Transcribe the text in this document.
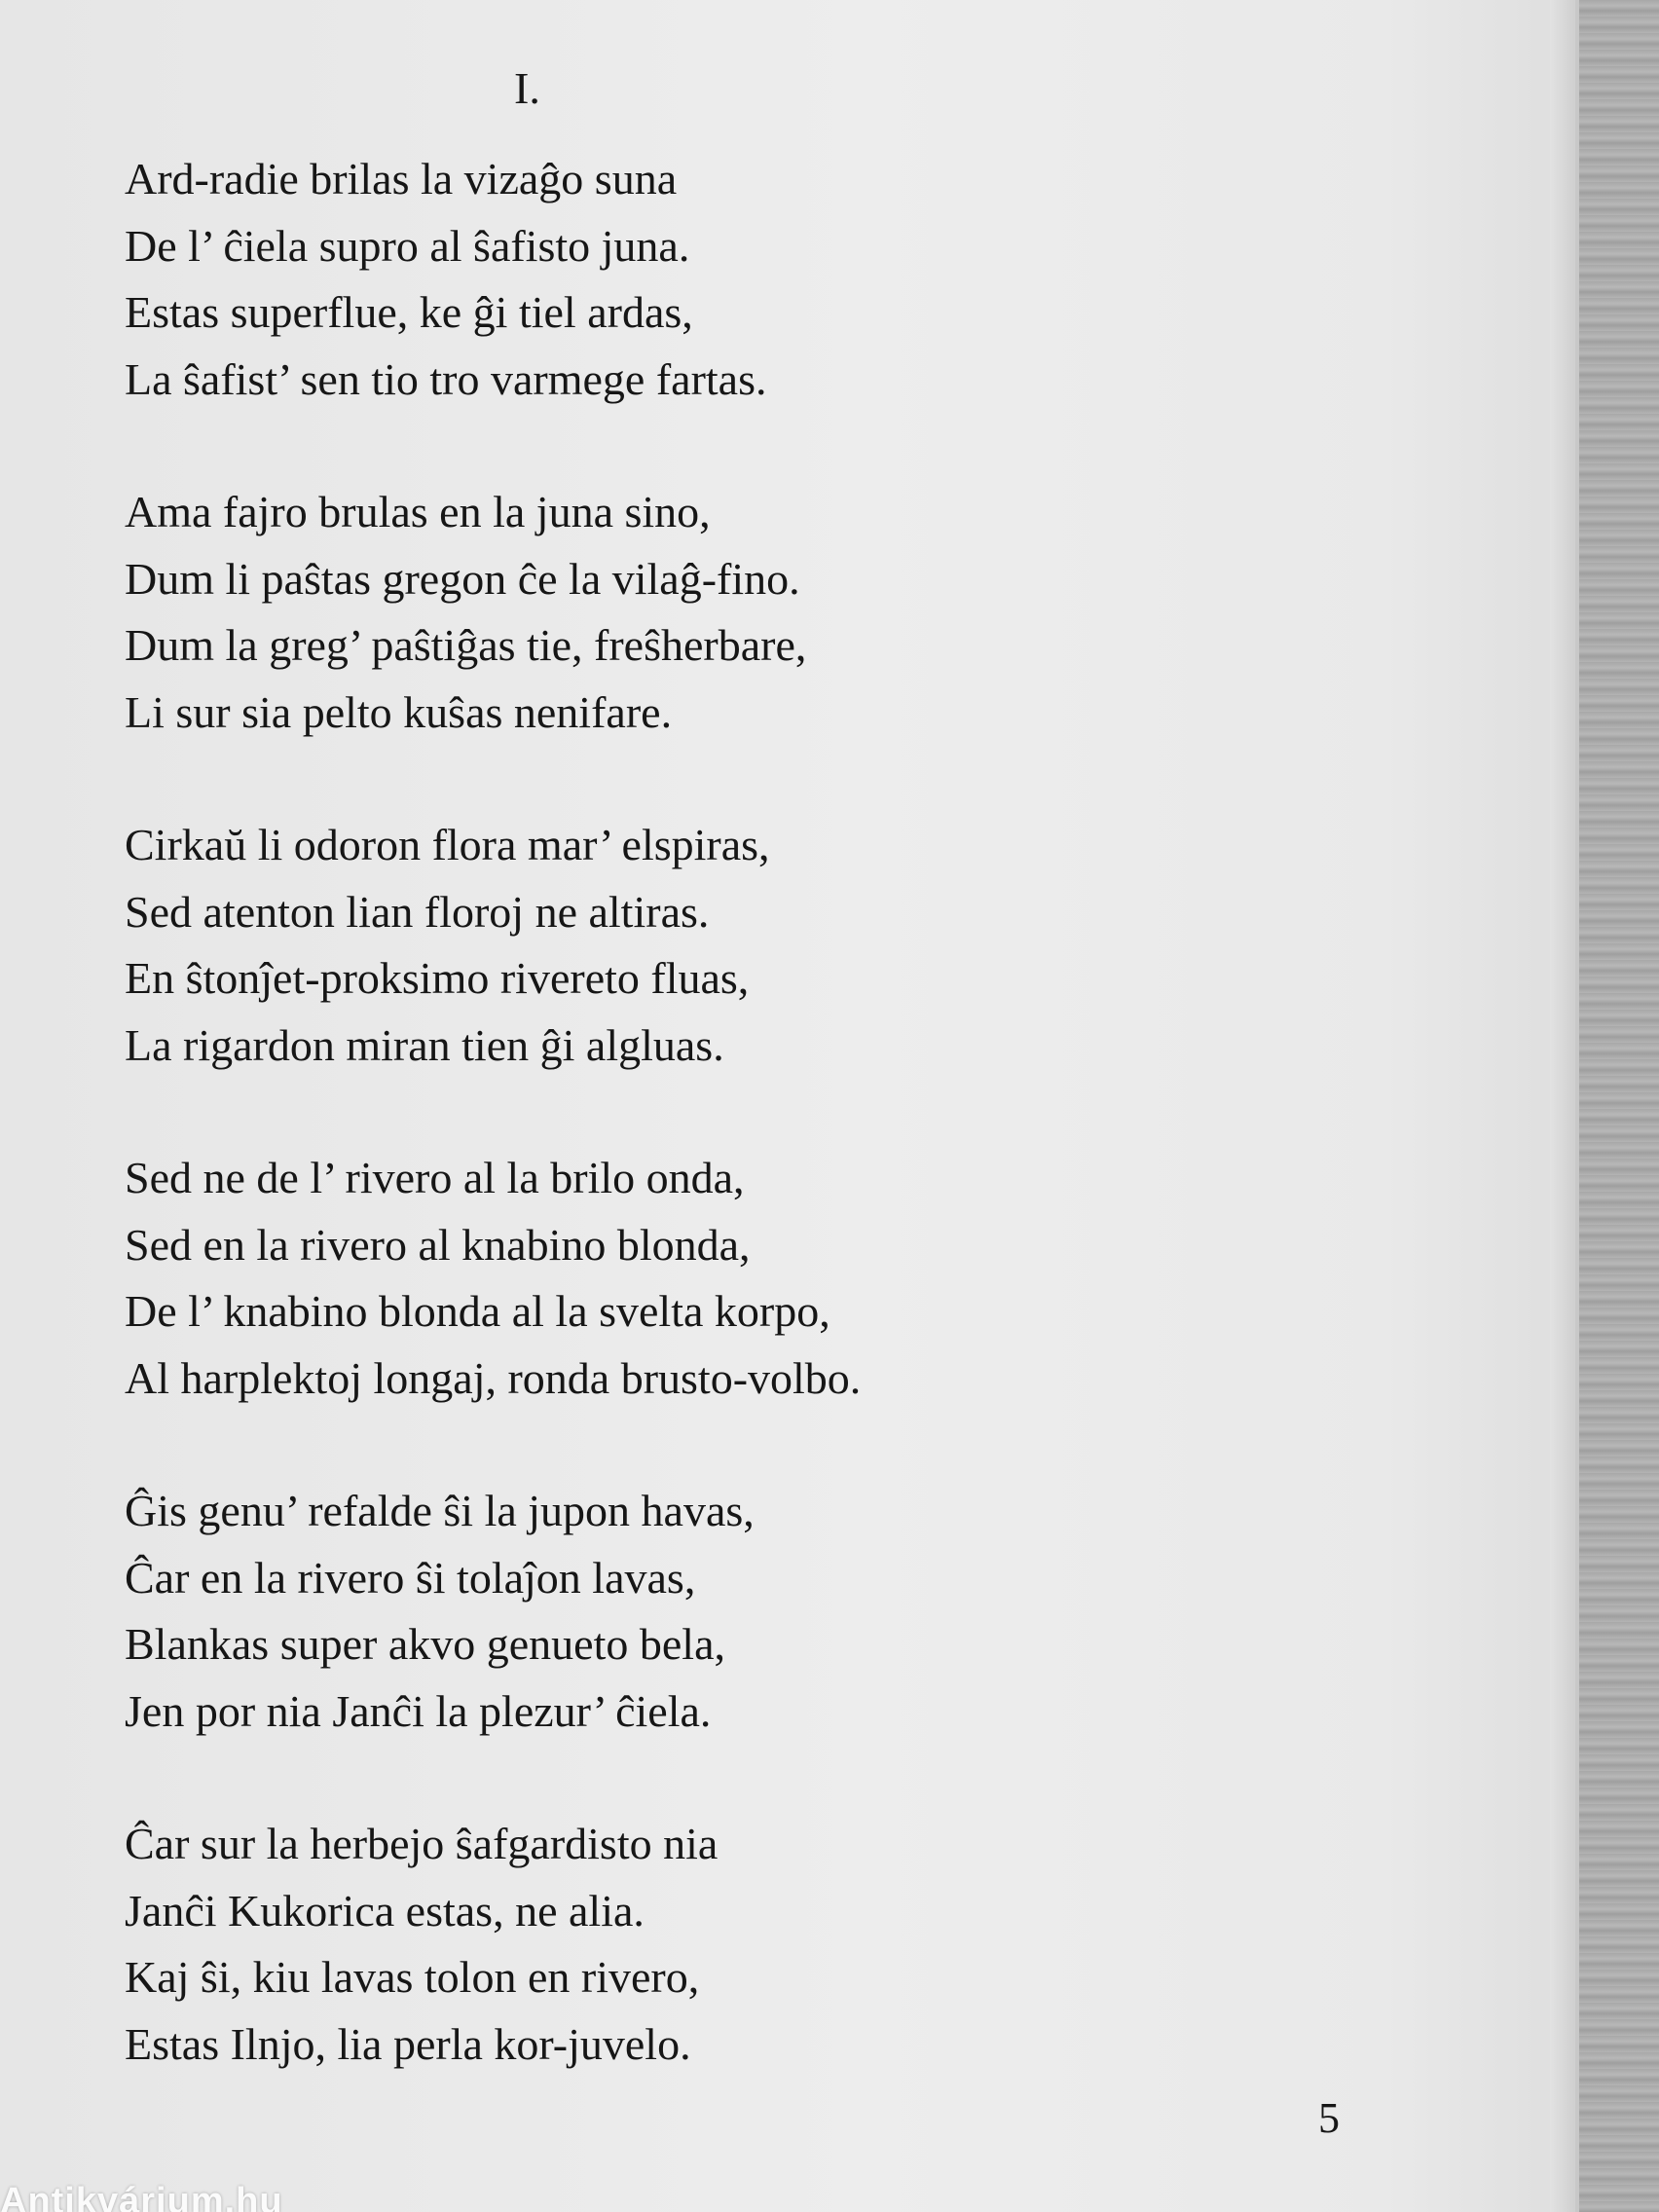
I.
Ard-radie brilas la vizaĝo suna
De l’ ĉiela supro al ŝafisto juna.
Estas superflue, ke ĝi tiel ardas,
La ŝafist’ sen tio tro varmege fartas.
Ama fajro brulas en la juna sino,
Dum li paŝtas gregon ĉe la vilaĝ-fino.
Dum la greg’ paŝtiĝas tie, freŝherbare,
Li sur sia pelto kuŝas nenifare.
Cirkaŭ li odoron flora mar’ elspiras,
Sed atenton lian floroj ne altiras.
En ŝtonĵet-proksimo rivereto fluas,
La rigardon miran tien ĝi algluas.
Sed ne de l’ rivero al la brilo onda,
Sed en la rivero al knabino blonda,
De l’ knabino blonda al la svelta korpo,
Al harplektoj longaj, ronda brusto-volbo.
Ĝis genu’ refalde ŝi la jupon havas,
Ĉar en la rivero ŝi tolaĵon lavas,
Blankas super akvo genueto bela,
Jen por nia Janĉi la plezur’ ĉiela.
Ĉar sur la herbejo ŝafgardisto nia
Janĉi Kukorica estas, ne alia.
Kaj ŝi, kiu lavas tolon en rivero,
Estas Ilnjo, lia perla kor-juvelo.
5
Antikvárium.hu
